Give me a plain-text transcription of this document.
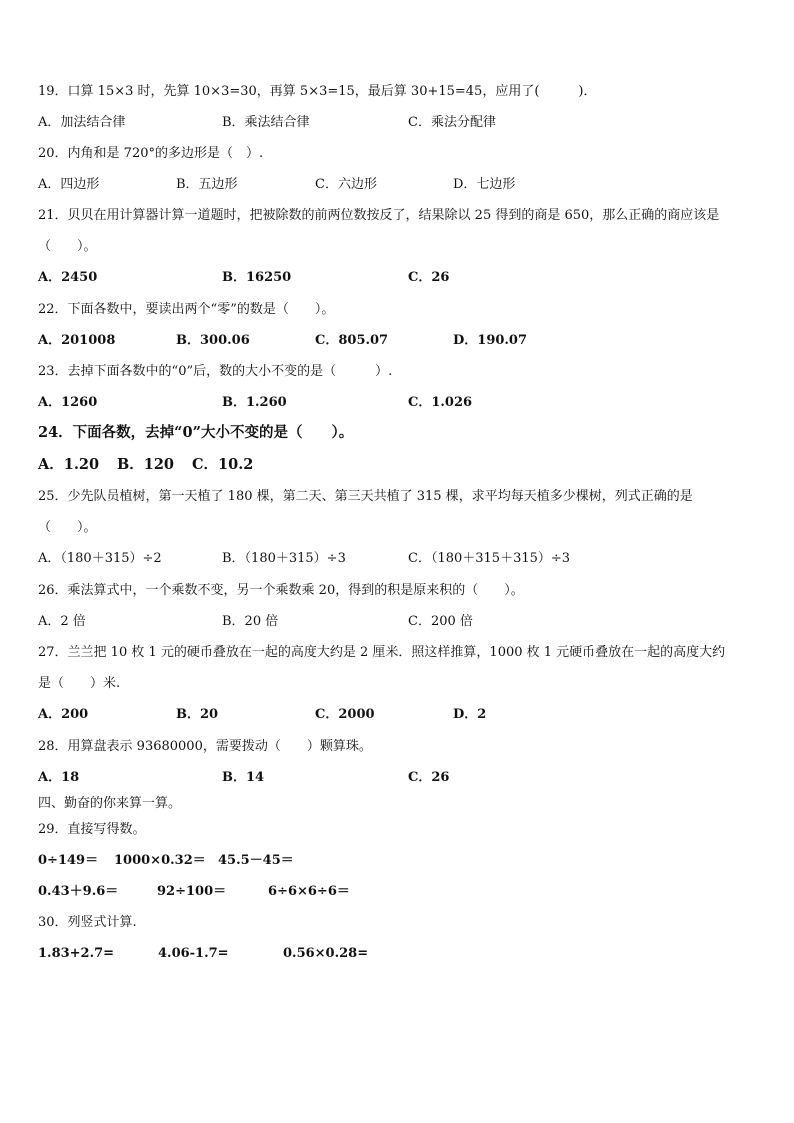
19．口算 15×3 时，先算 10×3=30，再算 5×3=15，最后算 30+15=45，应用了(　　　)．
A．加法结合律	B．乘法结合律	C．乘法分配律
20．内角和是 720°的多边形是（　）.
A．四边形	B．五边形	C．六边形	D．七边形
21．贝贝在用计算器计算一道题时，把被除数的前两位数按反了，结果除以 25 得到的商是 650，那么正确的商应该是
（　　）。
A．2450	B．16250	C．26
22．下面各数中，要读出两个“零”的数是（　　）。
A．201008	B．300.06	C．805.07	D．190.07
23．去掉下面各数中的“0”后，数的大小不变的是（　　　）.
A．1260	B．1.260	C．1.026
24．下面各数，去掉“0”大小不变的是（　　）。
A．1.20 B．120 C．10.2
25．少先队员植树，第一天植了 180 棵，第二天、第三天共植了 315 棵，求平均每天植多少棵树，列式正确的是
（　　）。
A．（180＋315）÷2	B．（180＋315）÷3	C．（180＋315＋315）÷3
26．乘法算式中，一个乘数不变，另一个乘数乘 20，得到的积是原来积的（　　）。
A．2 倍	B．20 倍	C．200 倍
27．兰兰把 10 枚 1 元的硬币叠放在一起的高度大约是 2 厘米．照这样推算，1000 枚 1 元硬币叠放在一起的高度大约
是（　　）米.
A．200	B．20	C．2000	D．2
28．用算盘表示 93680000，需要拨动（　　）颗算珠。
A．18	B．14	C．26
四、勤奋的你来算一算。
29．直接写得数。
0÷149＝ 1000×0.32＝ 45.5－45＝
0.43＋9.6＝	92÷100＝	6÷6×6÷6＝
30．列竖式计算.
1.83+2.7=	4.06-1.7=	0.56×0.28=
